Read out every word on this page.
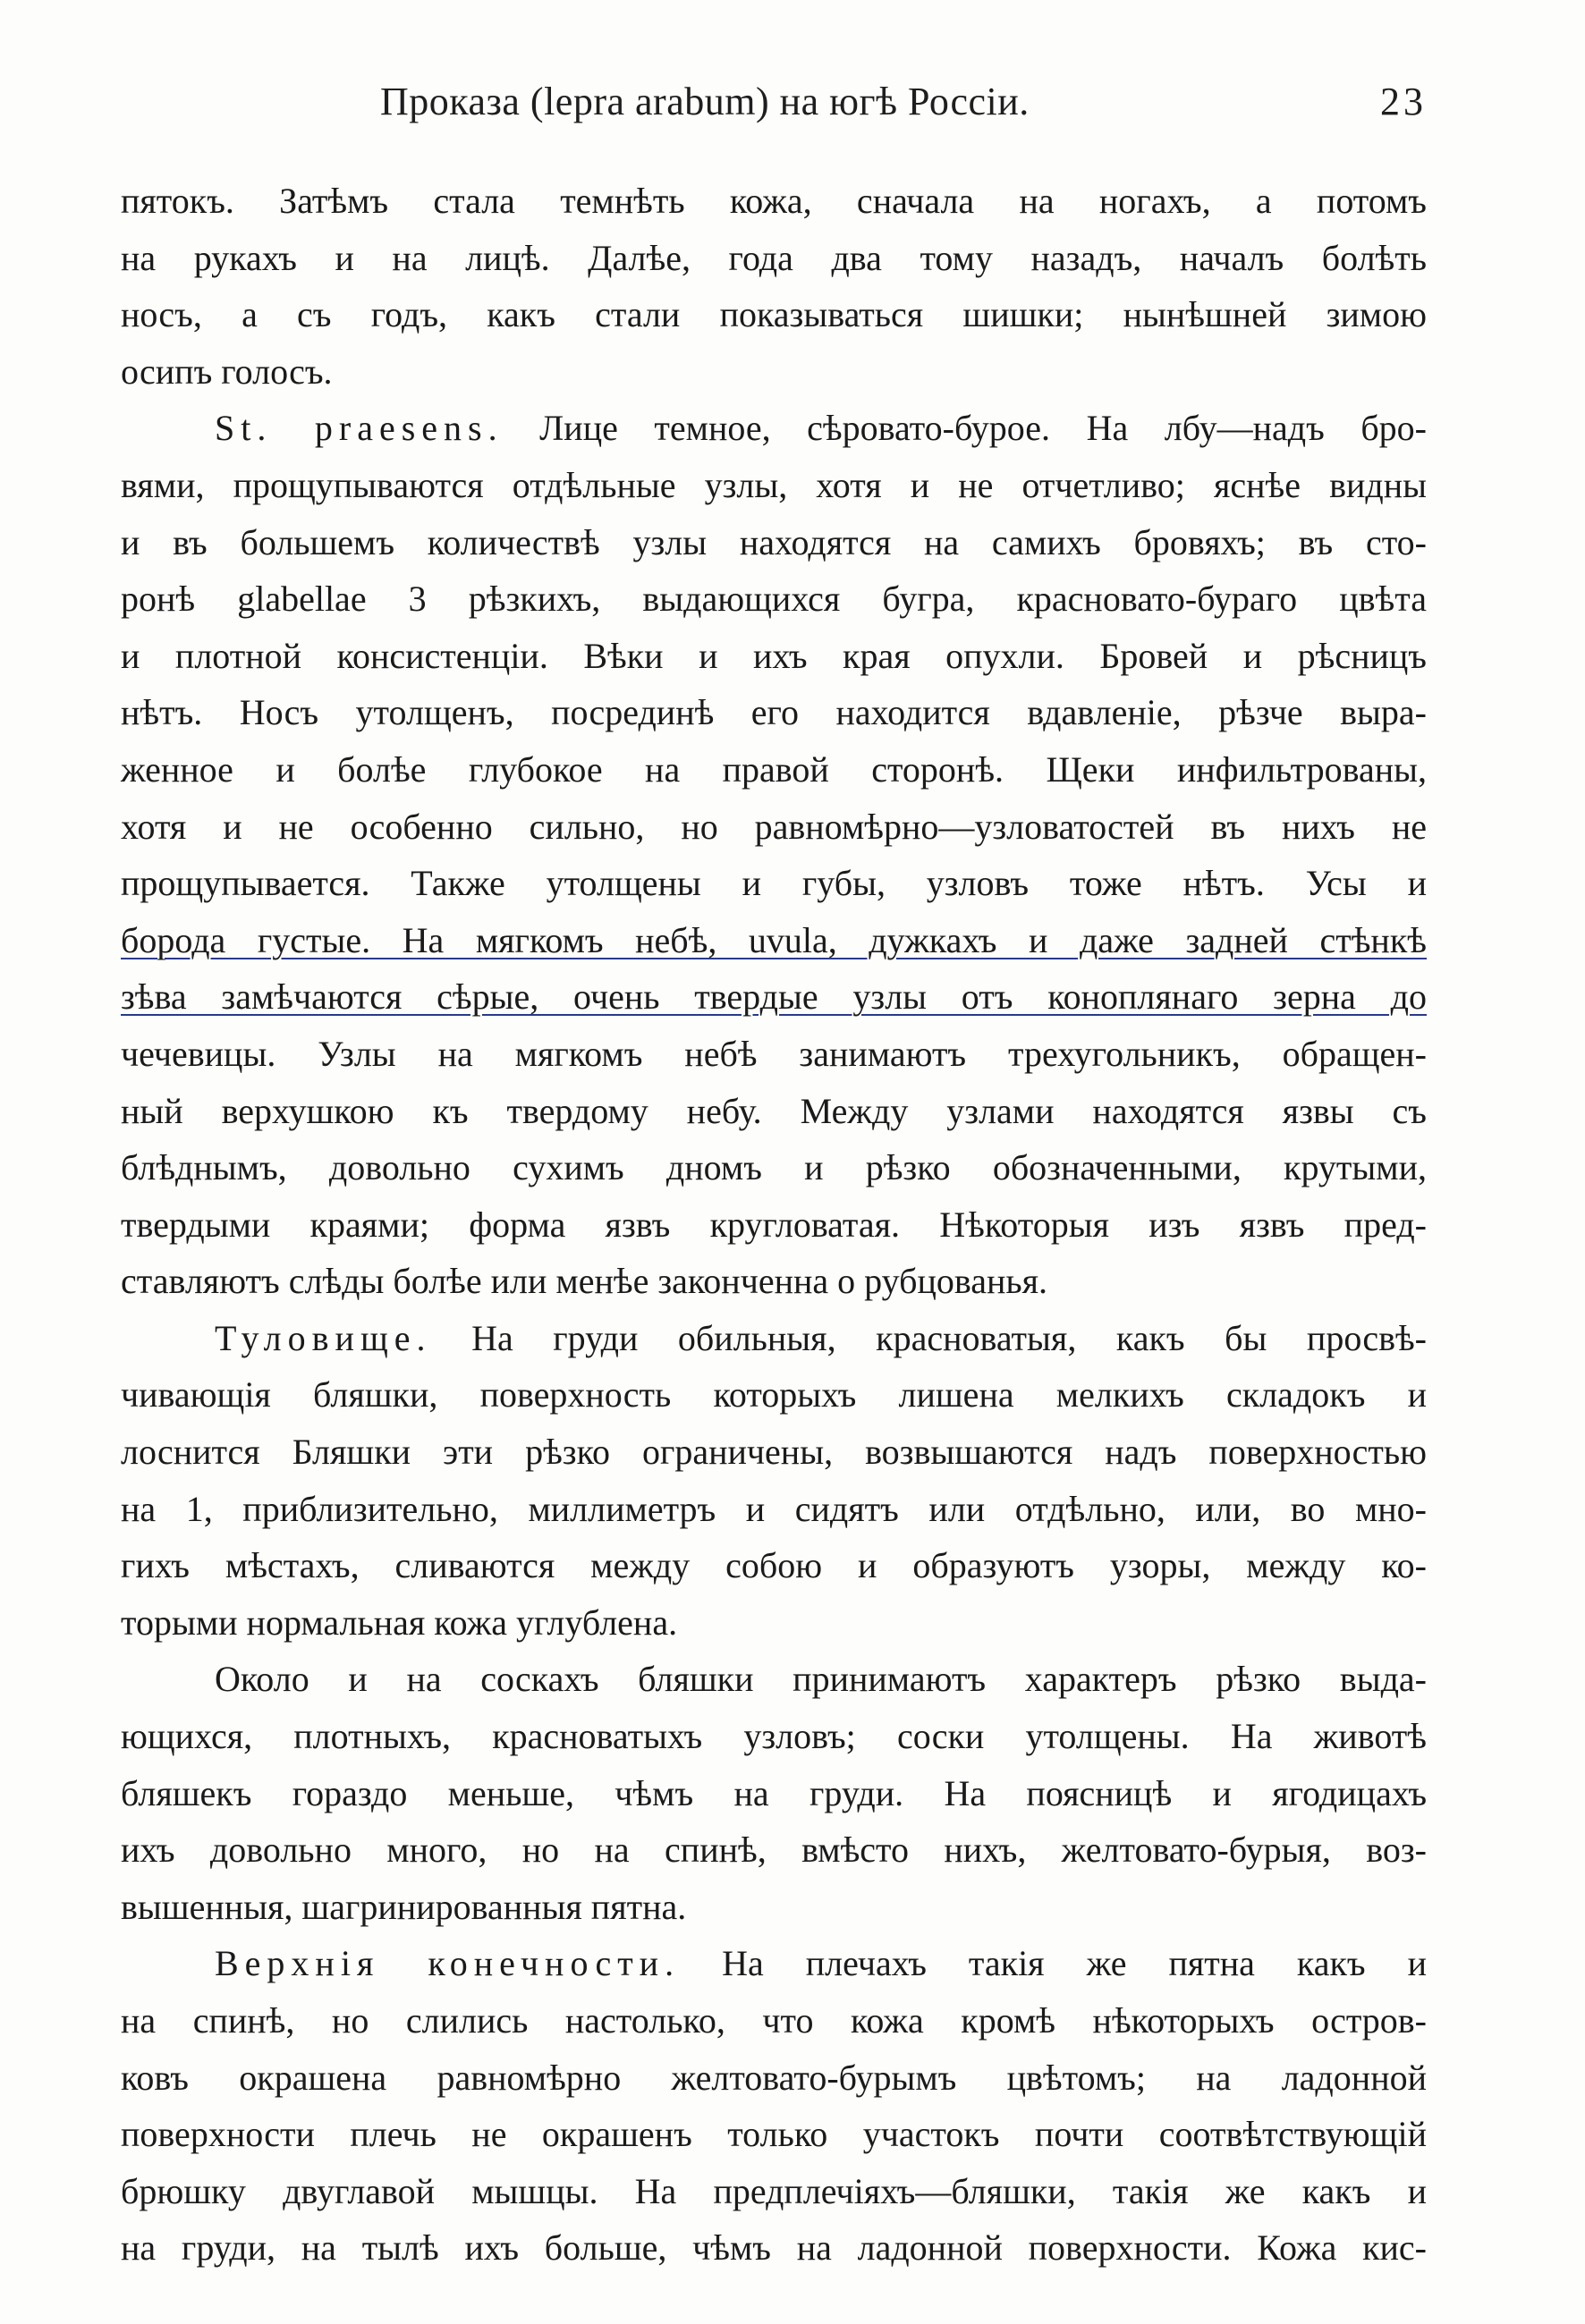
Проказа (lepra arabum) на югѣ Россіи.	23
пятокъ. Затѣмъ стала темнѣть кожа, сначала на ногахъ, а потомъ
на рукахъ и на лицѣ. Далѣе, года два тому назадъ, началъ болѣть
носъ, а съ годъ, какъ стали показываться шишки; нынѣшней зимою
осипъ голосъ.
St. praesens. Лице темное, сѣровато-бурое. На лбу—надъ бро-
вями, прощупываются отдѣльные узлы, хотя и не отчетливо; яснѣе видны
и въ большемъ количествѣ узлы находятся на самихъ бровяхъ; въ сто-
ронѣ glabellae 3 рѣзкихъ, выдающихся бугра, красновато-бураго цвѣта
и плотной консистенціи. Вѣки и ихъ края опухли. Бровей и рѣсницъ
нѣтъ. Носъ утолщенъ, посрединѣ его находится вдавленіе, рѣзче выра-
женное и болѣе глубокое на правой сторонѣ. Щеки инфильтрованы,
хотя и не особенно сильно, но равномѣрно—узловатостей въ нихъ не
прощупывается. Также утолщены и губы, узловъ тоже нѣтъ. Усы и
борода густые. На мягкомъ небѣ, uvula, дужкахъ и даже задней стѣнкѣ
зѣва замѣчаются сѣрые, очень твердые узлы отъ коноплянаго зерна до
чечевицы. Узлы на мягкомъ небѣ занимаютъ трехугольникъ, обращен-
ный верхушкою къ твердому небу. Между узлами находятся язвы съ
блѣднымъ, довольно сухимъ дномъ и рѣзко обозначенными, крутыми,
твердыми краями; форма язвъ кругловатая. Нѣкоторыя изъ язвъ пред-
ставляютъ слѣды болѣе или менѣе законченна о рубцованья.
Туловище. На груди обильныя, красноватыя, какъ бы просвѣ-
чивающія бляшки, поверхность которыхъ лишена мелкихъ складокъ и
лоснится Бляшки эти рѣзко ограничены, возвышаются надъ поверхностью
на 1, приблизительно, миллиметръ и сидятъ или отдѣльно, или, во мно-
гихъ мѣстахъ, сливаются между собою и образуютъ узоры, между ко-
торыми нормальная кожа углублена.
Около и на соскахъ бляшки принимаютъ характеръ рѣзко выда-
ющихся, плотныхъ, красноватыхъ узловъ; соски утолщены. На животѣ
бляшекъ гораздо меньше, чѣмъ на груди. На поясницѣ и ягодицахъ
ихъ довольно много, но на спинѣ, вмѣсто нихъ, желтовато-бурыя, воз-
вышенныя, шагринированныя пятна.
Верхнія конечности. На плечахъ такія же пятна какъ и
на спинѣ, но слились настолько, что кожа кромѣ нѣкоторыхъ остров-
ковъ окрашена равномѣрно желтовато-бурымъ цвѣтомъ; на ладонной
поверхности плечь не окрашенъ только участокъ почти соотвѣтствующій
брюшку двуглавой мышцы. На предплечіяхъ—бляшки, такія же какъ и
на груди, на тылѣ ихъ больше, чѣмъ на ладонной поверхности. Кожа кис-
